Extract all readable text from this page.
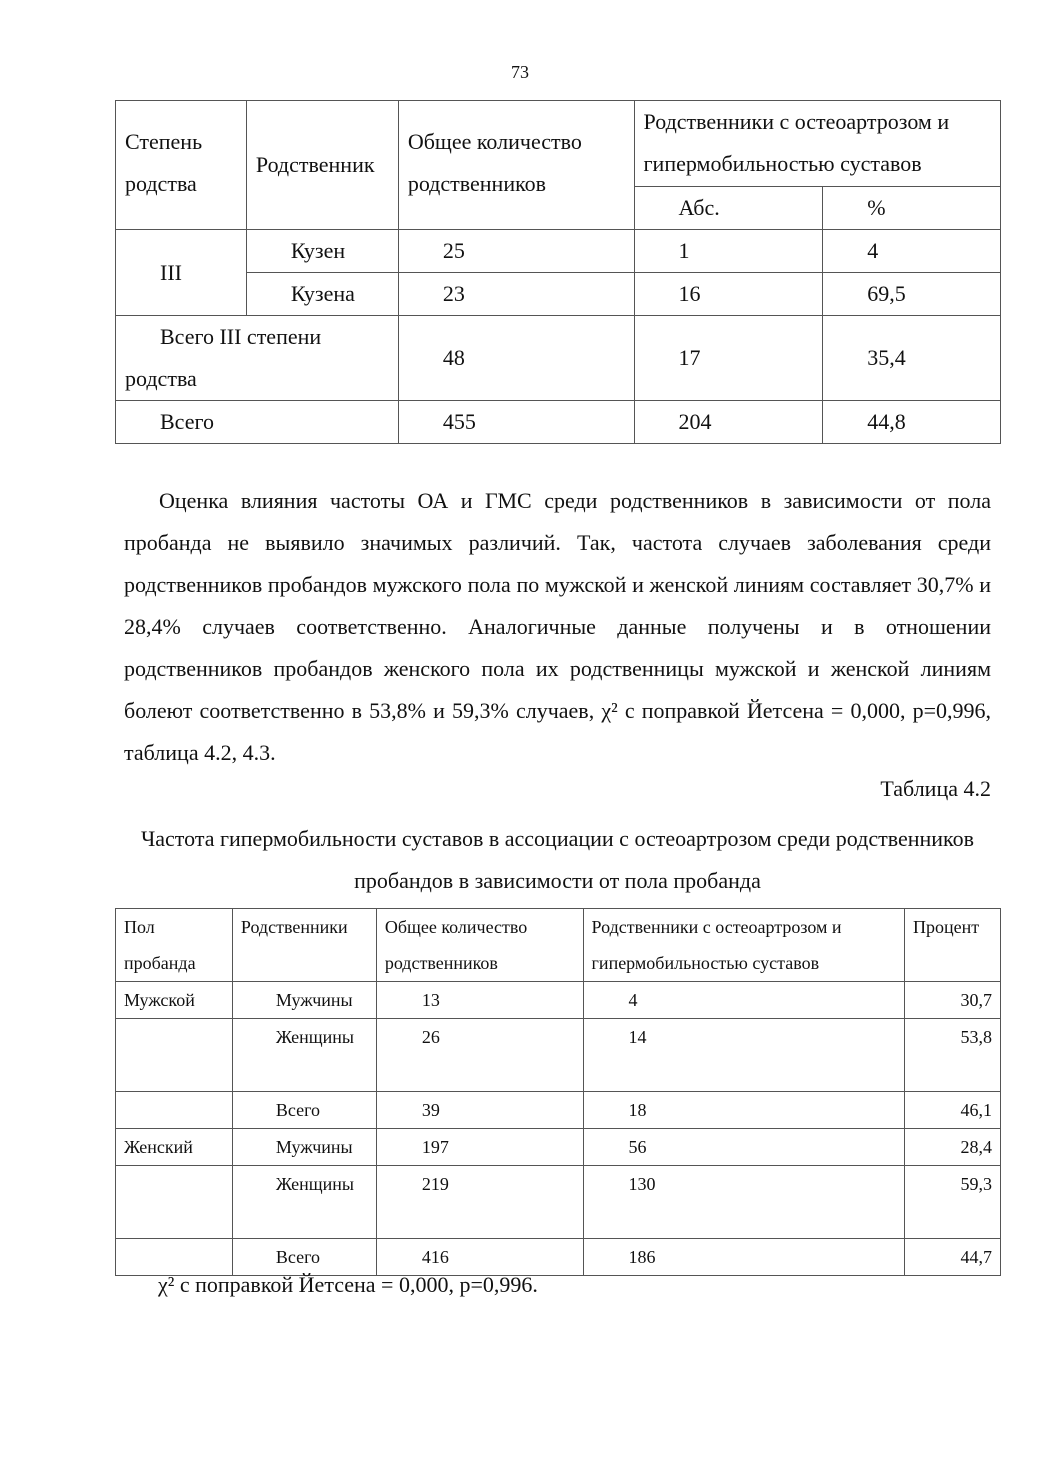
73
Степень родства	Родственник	Общее количество родственников	Родственники с остеоартрозом и гипермобильностью суставов	
			Абс.	%
III	Кузен	25	1	4
	Кузена	23	16	69,5
Всего III степени родства		48	17	35,4
Всего		455	204	44,8

Оценка влияния частоты ОА и ГМС среди родственников в зависимости от пола пробанда не выявило значимых различий. Так, частота случаев заболевания среди родственников пробандов мужского пола по мужской и женской линиям составляет 30,7% и 28,4% случаев соответственно. Аналогичные данные получены и в отношении родственников пробандов женского пола их родственницы мужской и женской линиям болеют соответственно в 53,8% и 59,3% случаев, χ² с поправкой Йетсена = 0,000, p=0,996, таблица 4.2, 4.3.

Таблица 4.2
Частота гипермобильности суставов в ассоциации с остеоартрозом среди родственников пробандов в зависимости от пола пробанда
Пол пробанда	Родственники	Общее количество родственников	Родственники с остеоартрозом и гипермобильностью суставов	Процент
Мужской	Мужчины	13	4	30,7
	Женщины	26	14	53,8
	Всего	39	18	46,1
Женский	Мужчины	197	56	28,4
	Женщины	219	130	59,3
	Всего	416	186	44,7
χ² с поправкой Йетсена = 0,000, p=0,996.
